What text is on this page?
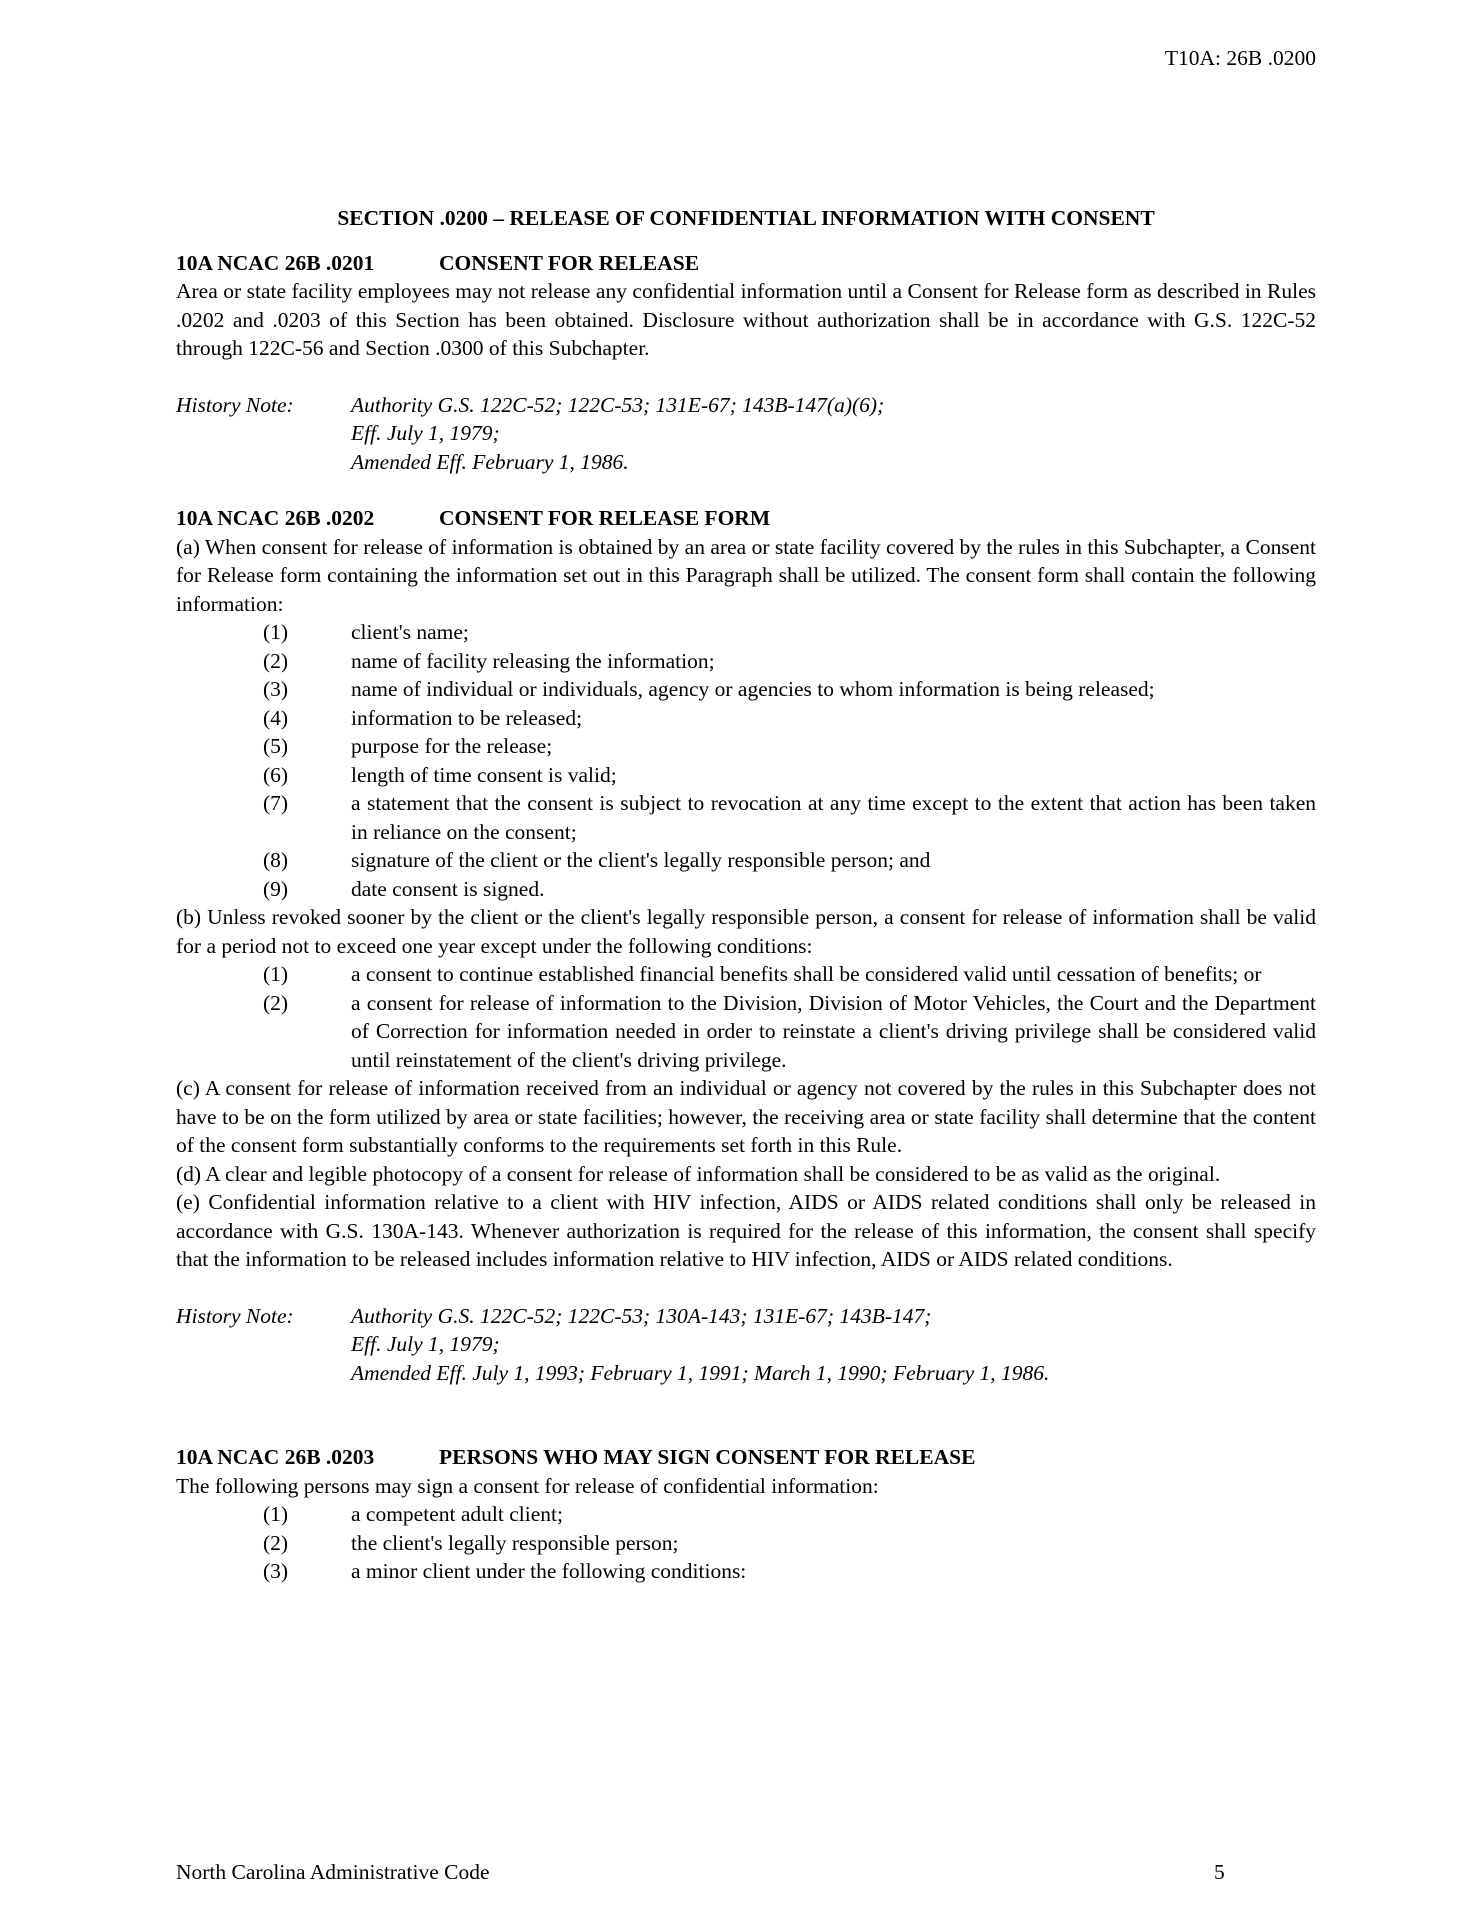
T10A: 26B .0200
SECTION .0200 – RELEASE OF CONFIDENTIAL INFORMATION WITH CONSENT
10A NCAC 26B .0201	CONSENT FOR RELEASE

Area or state facility employees may not release any confidential information until a Consent for Release form as described in Rules .0202 and .0203 of this Section has been obtained. Disclosure without authorization shall be in accordance with G.S. 122C-52 through 122C-56 and Section .0300 of this Subchapter.

History Note:	Authority G.S. 122C-52; 122C-53; 131E-67; 143B-147(a)(6);
Eff. July 1, 1979;
Amended Eff. February 1, 1986.
10A NCAC 26B .0202	CONSENT FOR RELEASE FORM

(a) When consent for release of information is obtained by an area or state facility covered by the rules in this Subchapter, a Consent for Release form containing the information set out in this Paragraph shall be utilized. The consent form shall contain the following information:

(1)	client's name;
(2)	name of facility releasing the information;
(3)	name of individual or individuals, agency or agencies to whom information is being released;
(4)	information to be released;
(5)	purpose for the release;
(6)	length of time consent is valid;
(7)	a statement that the consent is subject to revocation at any time except to the extent that action has been taken in reliance on the consent;
(8)	signature of the client or the client's legally responsible person; and
(9)	date consent is signed.

(b) Unless revoked sooner by the client or the client's legally responsible person, a consent for release of information shall be valid for a period not to exceed one year except under the following conditions:

(1)	a consent to continue established financial benefits shall be considered valid until cessation of benefits; or
(2)	a consent for release of information to the Division, Division of Motor Vehicles, the Court and the Department of Correction for information needed in order to reinstate a client's driving privilege shall be considered valid until reinstatement of the client's driving privilege.

(c) A consent for release of information received from an individual or agency not covered by the rules in this Subchapter does not have to be on the form utilized by area or state facilities; however, the receiving area or state facility shall determine that the content of the consent form substantially conforms to the requirements set forth in this Rule.

(d) A clear and legible photocopy of a consent for release of information shall be considered to be as valid as the original.

(e) Confidential information relative to a client with HIV infection, AIDS or AIDS related conditions shall only be released in accordance with G.S. 130A-143. Whenever authorization is required for the release of this information, the consent shall specify that the information to be released includes information relative to HIV infection, AIDS or AIDS related conditions.

History Note:	Authority G.S. 122C-52; 122C-53; 130A-143; 131E-67; 143B-147;
Eff. July 1, 1979;
Amended Eff. July 1, 1993; February 1, 1991; March 1, 1990; February 1, 1986.
10A NCAC 26B .0203	PERSONS WHO MAY SIGN CONSENT FOR RELEASE

The following persons may sign a consent for release of confidential information:

(1)	a competent adult client;
(2)	the client's legally responsible person;
(3)	a minor client under the following conditions:
North Carolina Administrative Code	5
